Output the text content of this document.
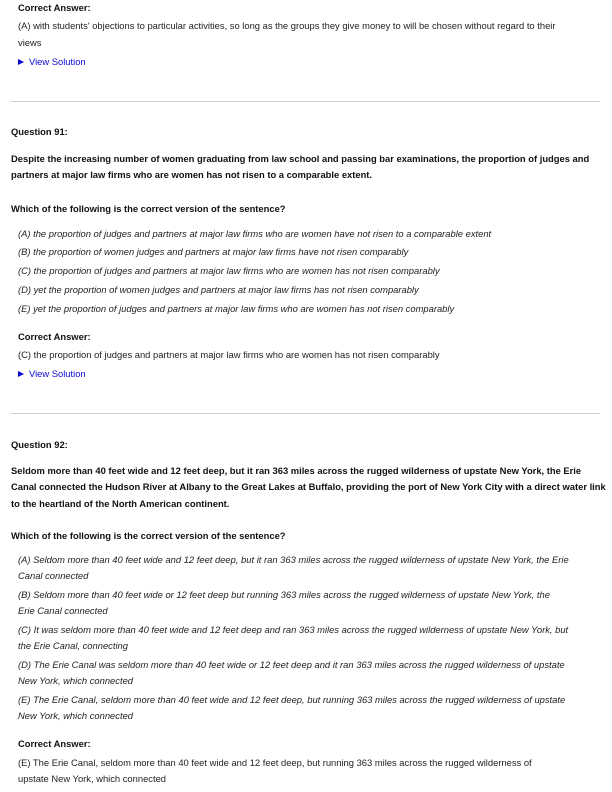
Correct Answer:
(A) with students' objections to particular activities, so long as the groups they give money to will be chosen without regard to their
views
View Solution
Question 91:
Despite the increasing number of women graduating from law school and passing bar examinations, the proportion of judges and
partners at major law firms who are women has not risen to a comparable extent.
Which of the following is the correct version of the sentence?
(A) the proportion of judges and partners at major law firms who are women have not risen to a comparable extent
(B) the proportion of women judges and partners at major law firms have not risen comparably
(C) the proportion of judges and partners at major law firms who are women has not risen comparably
(D) yet the proportion of women judges and partners at major law firms has not risen comparably
(E) yet the proportion of judges and partners at major law firms who are women has not risen comparably
Correct Answer:
(C) the proportion of judges and partners at major law firms who are women has not risen comparably
View Solution
Question 92:
Seldom more than 40 feet wide and 12 feet deep, but it ran 363 miles across the rugged wilderness of upstate New York, the Erie
Canal connected the Hudson River at Albany to the Great Lakes at Buffalo, providing the port of New York City with a direct water link
to the heartland of the North American continent.
Which of the following is the correct version of the sentence?
(A) Seldom more than 40 feet wide and 12 feet deep, but it ran 363 miles across the rugged wilderness of upstate New York, the Erie
Canal connected
(B) Seldom more than 40 feet wide or 12 feet deep but running 363 miles across the rugged wilderness of upstate New York, the
Erie Canal connected
(C) It was seldom more than 40 feet wide and 12 feet deep and ran 363 miles across the rugged wilderness of upstate New York, but
the Erie Canal, connecting
(D) The Erie Canal was seldom more than 40 feet wide or 12 feet deep and it ran 363 miles across the rugged wilderness of upstate
New York, which connected
(E) The Erie Canal, seldom more than 40 feet wide and 12 feet deep, but running 363 miles across the rugged wilderness of upstate
New York, which connected
Correct Answer:
(E) The Erie Canal, seldom more than 40 feet wide and 12 feet deep, but running 363 miles across the rugged wilderness of
upstate New York, which connected
